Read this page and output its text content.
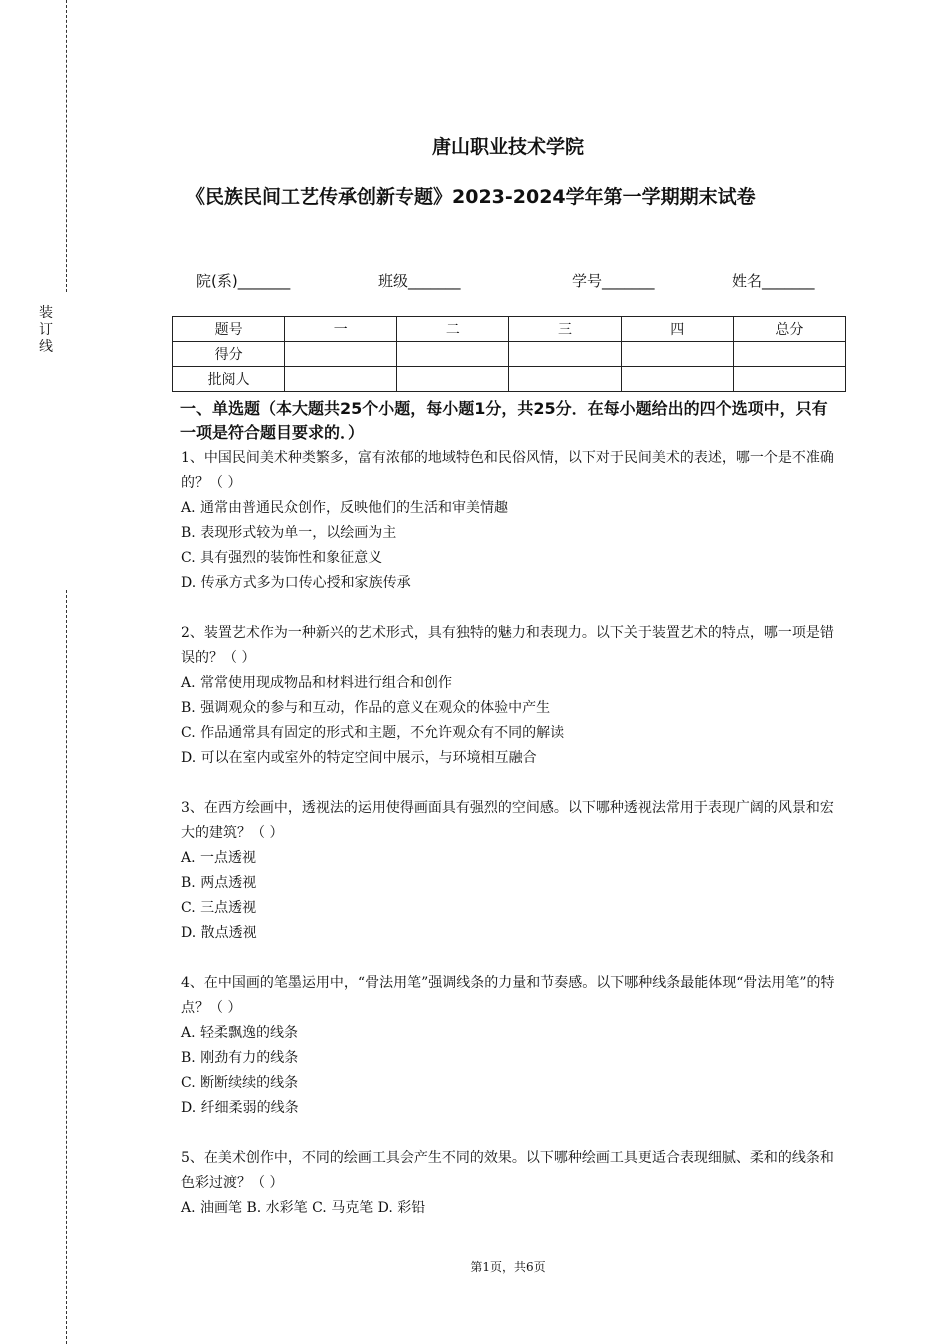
装
订
线
唐山职业技术学院
《民族民间工艺传承创新专题》2023-2024学年第一学期期末试卷
院(系)_______	班级_______	学号_______	姓名_______
题号	一	二	三	四	总分
得分					
批阅人					
一、单选题（本大题共25个小题，每小题1分，共25分．在每小题给出的四个选项中，只有一项是符合题目要求的．）

1、中国民间美术种类繁多，富有浓郁的地域特色和民俗风情，以下对于民间美术的表述，哪一个是不准确的？（ ）

A. 通常由普通民众创作，反映他们的生活和审美情趣

B. 表现形式较为单一，以绘画为主

C. 具有强烈的装饰性和象征意义

D. 传承方式多为口传心授和家族传承

2、装置艺术作为一种新兴的艺术形式，具有独特的魅力和表现力。以下关于装置艺术的特点，哪一项是错误的？（ ）

A. 常常使用现成物品和材料进行组合和创作

B. 强调观众的参与和互动，作品的意义在观众的体验中产生

C. 作品通常具有固定的形式和主题，不允许观众有不同的解读

D. 可以在室内或室外的特定空间中展示，与环境相互融合

3、在西方绘画中，透视法的运用使得画面具有强烈的空间感。以下哪种透视法常用于表现广阔的风景和宏大的建筑？（ ）

A. 一点透视

B. 两点透视

C. 三点透视

D. 散点透视

4、在中国画的笔墨运用中，“骨法用笔”强调线条的力量和节奏感。以下哪种线条最能体现“骨法用笔”的特点？（ ）

A. 轻柔飘逸的线条

B. 刚劲有力的线条

C. 断断续续的线条

D. 纤细柔弱的线条

5、在美术创作中，不同的绘画工具会产生不同的效果。以下哪种绘画工具更适合表现细腻、柔和的线条和色彩过渡？（ ）

A. 油画笔 B. 水彩笔 C. 马克笔 D. 彩铅

第1页，共6页
